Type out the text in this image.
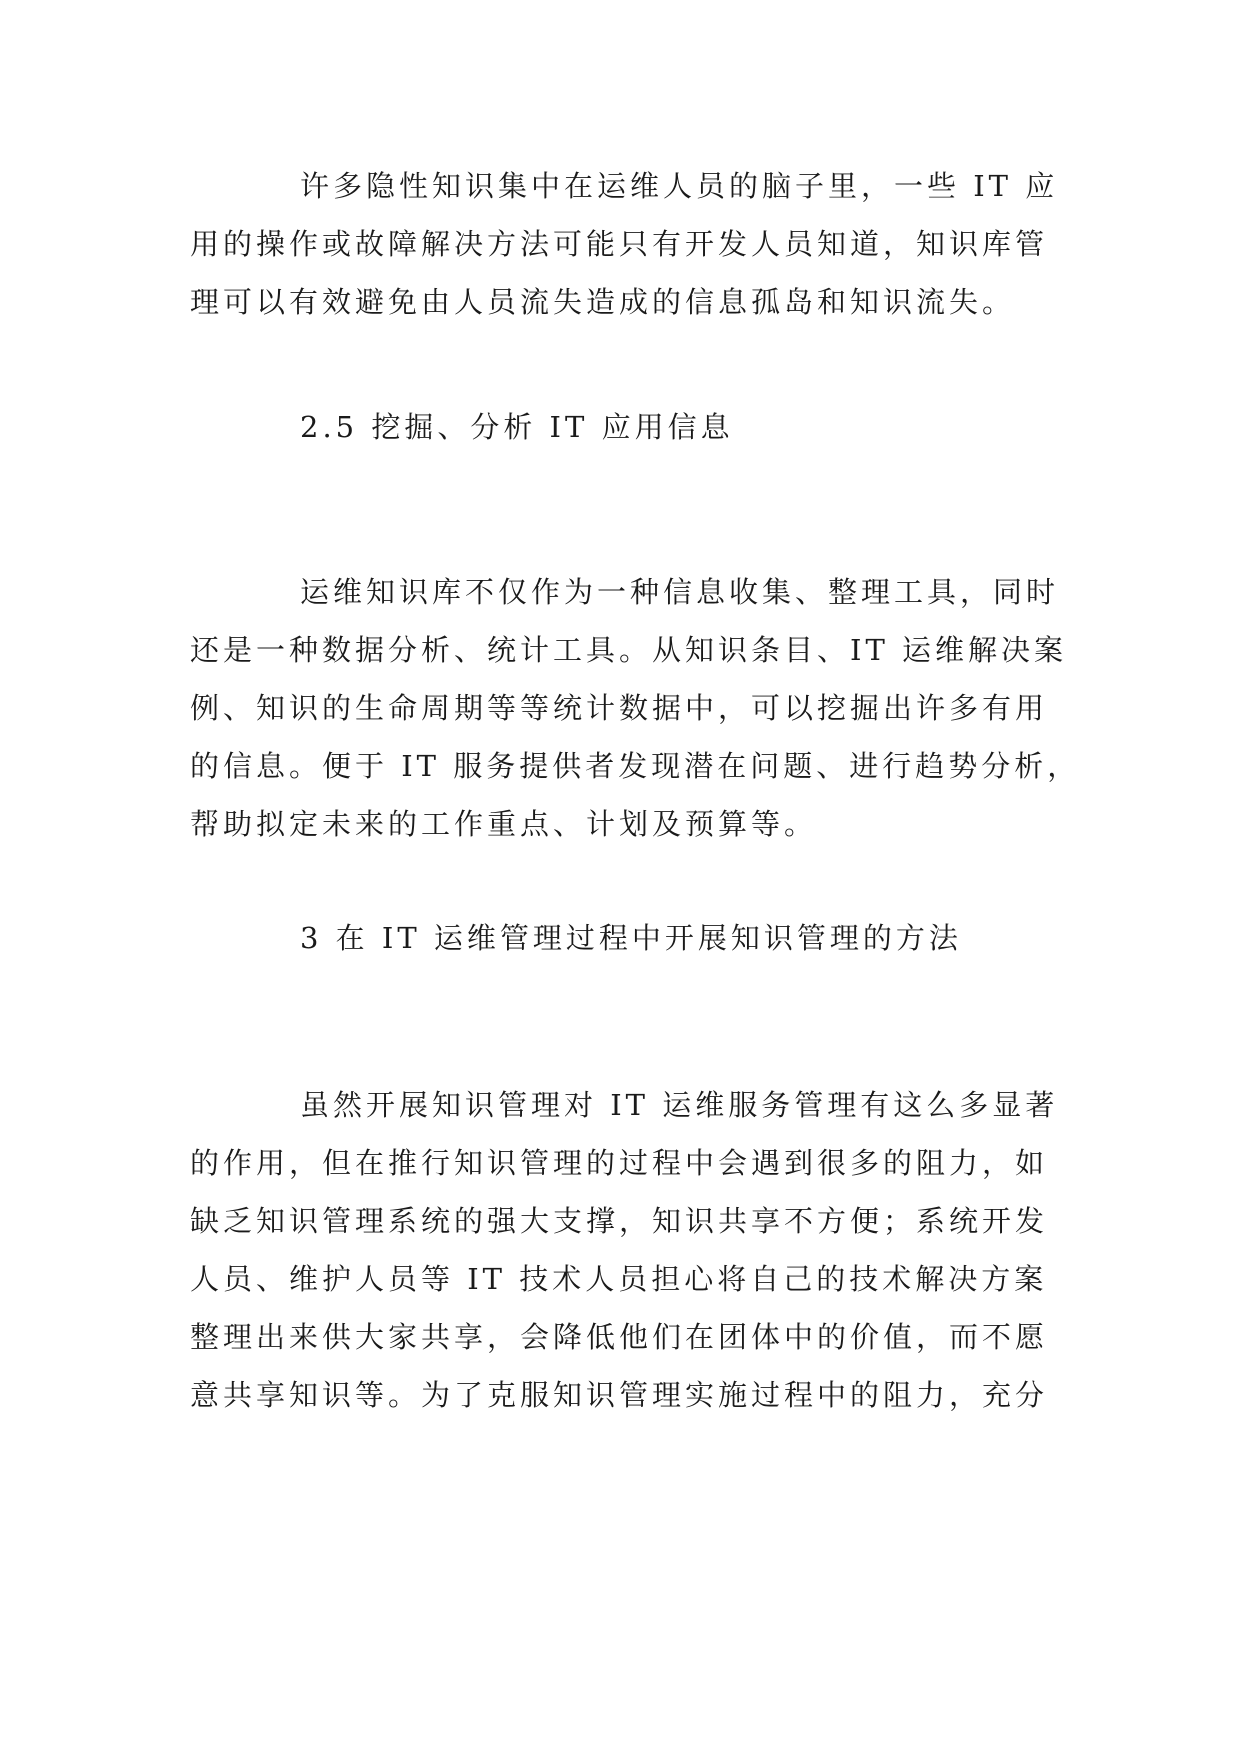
许多隐性知识集中在运维人员的脑子里，一些 IT 应
用的操作或故障解决方法可能只有开发人员知道，知识库管
理可以有效避免由人员流失造成的信息孤岛和知识流失。
2.5 挖掘、分析 IT 应用信息
运维知识库不仅作为一种信息收集、整理工具，同时
还是一种数据分析、统计工具。从知识条目、IT 运维解决案
例、知识的生命周期等等统计数据中，可以挖掘出许多有用
的信息。便于 IT 服务提供者发现潜在问题、进行趋势分析，
帮助拟定未来的工作重点、计划及预算等。
3 在 IT 运维管理过程中开展知识管理的方法
虽然开展知识管理对 IT 运维服务管理有这么多显著
的作用，但在推行知识管理的过程中会遇到很多的阻力，如
缺乏知识管理系统的强大支撑，知识共享不方便；系统开发
人员、维护人员等 IT 技术人员担心将自己的技术解决方案
整理出来供大家共享，会降低他们在团体中的价值，而不愿
意共享知识等。为了克服知识管理实施过程中的阻力，充分
